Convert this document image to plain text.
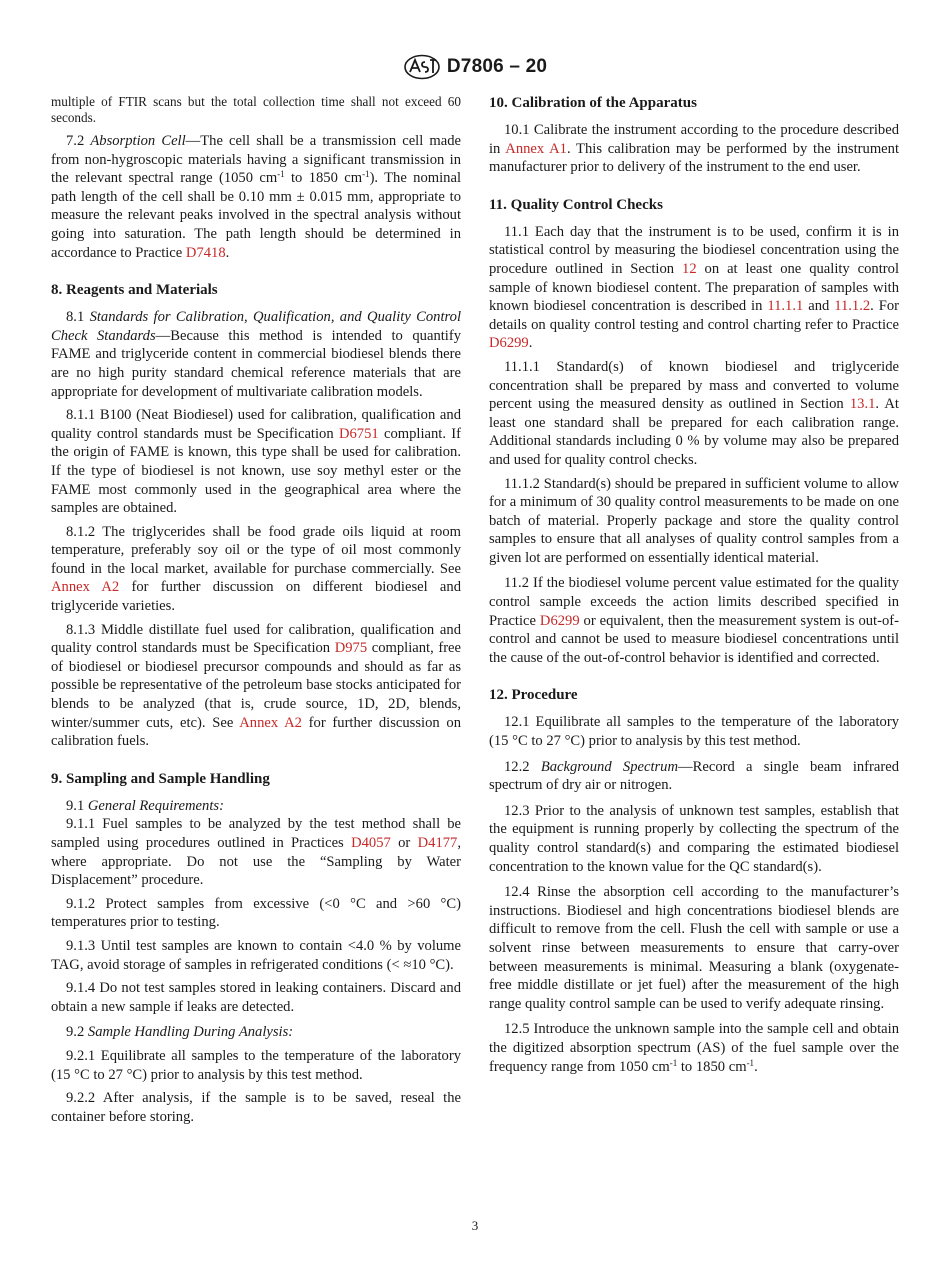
D7806 – 20

multiple of FTIR scans but the total collection time shall not exceed 60 seconds.

7.2 Absorption Cell—The cell shall be a transmission cell made from non-hygroscopic materials having a significant transmission in the relevant spectral range (1050 $cm^{-1}$ to 1850 $cm^{-1}$). The nominal path length of the cell shall be 0.10 mm ± 0.015 mm, appropriate to measure the relevant peaks involved in the spectral analysis without going into saturation. The path length should be determined in accordance to Practice D7418.

8. Reagents and Materials

8.1 Standards for Calibration, Qualification, and Quality Control Check Standards—Because this method is intended to quantify FAME and triglyceride content in commercial biodiesel blends there are no high purity standard chemical reference materials that are appropriate for development of multivariate calibration models.

8.1.1 B100 (Neat Biodiesel) used for calibration, qualification and quality control standards must be Specification D6751 compliant. If the origin of FAME is known, this type shall be used for calibration. If the type of biodiesel is not known, use soy methyl ester or the FAME most commonly used in the geographical area where the samples are obtained.

8.1.2 The triglycerides shall be food grade oils liquid at room temperature, preferably soy oil or the type of oil most commonly found in the local market, available for purchase commercially. See Annex A2 for further discussion on different biodiesel and triglyceride varieties.

8.1.3 Middle distillate fuel used for calibration, qualification and quality control standards must be Specification D975 compliant, free of biodiesel or biodiesel precursor compounds and should as far as possible be representative of the petroleum base stocks anticipated for blends to be analyzed (that is, crude source, 1D, 2D, blends, winter/summer cuts, etc). See Annex A2 for further discussion on calibration fuels.

9. Sampling and Sample Handling

9.1 General Requirements:

9.1.1 Fuel samples to be analyzed by the test method shall be sampled using procedures outlined in Practices D4057 or D4177, where appropriate. Do not use the “Sampling by Water Displacement” procedure.

9.1.2 Protect samples from excessive (<0 °C and >60 °C) temperatures prior to testing.

9.1.3 Until test samples are known to contain <4.0 % by volume TAG, avoid storage of samples in refrigerated conditions (< ≈10 °C).

9.1.4 Do not test samples stored in leaking containers. Discard and obtain a new sample if leaks are detected.

9.2 Sample Handling During Analysis:

9.2.1 Equilibrate all samples to the temperature of the laboratory (15 °C to 27 °C) prior to analysis by this test method.

9.2.2 After analysis, if the sample is to be saved, reseal the container before storing.

10. Calibration of the Apparatus

10.1 Calibrate the instrument according to the procedure described in Annex A1. This calibration may be performed by the instrument manufacturer prior to delivery of the instrument to the end user.

11. Quality Control Checks

11.1 Each day that the instrument is to be used, confirm it is in statistical control by measuring the biodiesel concentration using the procedure outlined in Section 12 on at least one quality control sample of known biodiesel content. The preparation of samples with known biodiesel concentration is described in 11.1.1 and 11.1.2. For details on quality control testing and control charting refer to Practice D6299.

11.1.1 Standard(s) of known biodiesel and triglyceride concentration shall be prepared by mass and converted to volume percent using the measured density as outlined in Section 13.1. At least one standard shall be prepared for each calibration range. Additional standards including 0 % by volume may also be prepared and used for quality control checks.

11.1.2 Standard(s) should be prepared in sufficient volume to allow for a minimum of 30 quality control measurements to be made on one batch of material. Properly package and store the quality control samples to ensure that all analyses of quality control samples from a given lot are performed on essentially identical material.

11.2 If the biodiesel volume percent value estimated for the quality control sample exceeds the action limits described specified in Practice D6299 or equivalent, then the measurement system is out-of-control and cannot be used to measure biodiesel concentrations until the cause of the out-of-control behavior is identified and corrected.

12. Procedure

12.1 Equilibrate all samples to the temperature of the laboratory (15 °C to 27 °C) prior to analysis by this test method.

12.2 Background Spectrum—Record a single beam infrared spectrum of dry air or nitrogen.

12.3 Prior to the analysis of unknown test samples, establish that the equipment is running properly by collecting the spectrum of the quality control standard(s) and comparing the estimated biodiesel concentration to the known value for the QC standard(s).

12.4 Rinse the absorption cell according to the manufacturer’s instructions. Biodiesel and high concentrations biodiesel blends are difficult to remove from the cell. Flush the cell with sample or use a solvent rinse between measurements to ensure that carry-over between measurements is minimal. Measuring a blank (oxygenate-free middle distillate or jet fuel) after the measurement of the high range quality control sample can be used to verify adequate rinsing.

12.5 Introduce the unknown sample into the sample cell and obtain the digitized absorption spectrum (AS) of the fuel sample over the frequency range from 1050 $cm^{-1}$ to 1850 $cm^{-1}$.

3
